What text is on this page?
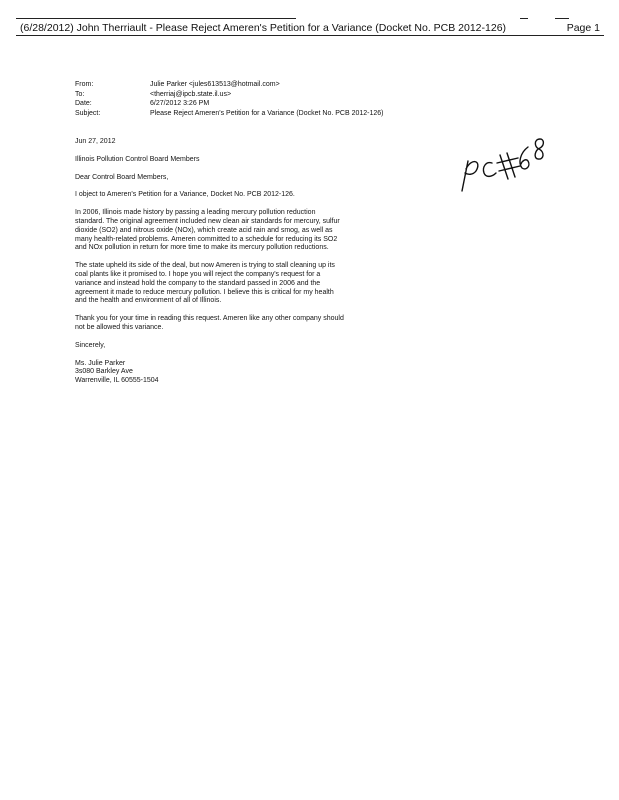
(6/28/2012) John Therriault - Please Reject Ameren's Petition for a Variance (Docket No. PCB 2012-126)	Page 1
From:	Julie Parker <jules613513@hotmail.com>
To:	<therriaj@ipcb.state.il.us>
Date:	6/27/2012 3:26 PM
Subject:	Please Reject Ameren's Petition for a Variance (Docket No. PCB 2012-126)

Jun 27, 2012

Illinois Pollution Control Board Members

Dear Control Board Members,

I object to Ameren's Petition for a Variance, Docket No. PCB 2012-126.

In 2006, Illinois made history by passing a leading mercury pollution reduction standard. The original agreement included new clean air standards for mercury, sulfur dioxide (SO2) and nitrous oxide (NOx), which create acid rain and smog, as well as many health-related problems. Ameren committed to a schedule for reducing its SO2 and NOx pollution in return for more time to make its mercury pollution reductions.

The state upheld its side of the deal, but now Ameren is trying to stall cleaning up its coal plants like it promised to. I hope you will reject the company's request for a variance and instead hold the company to the standard passed in 2006 and the agreement it made to reduce mercury pollution. I believe this is critical for my health and the health and environment of all of Illinois.

Thank you for your time in reading this request. Ameren like any other company should not be allowed this variance.

Sincerely,

Ms. Julie Parker

3s080 Barkley Ave

Warrenville, IL 60555-1504
